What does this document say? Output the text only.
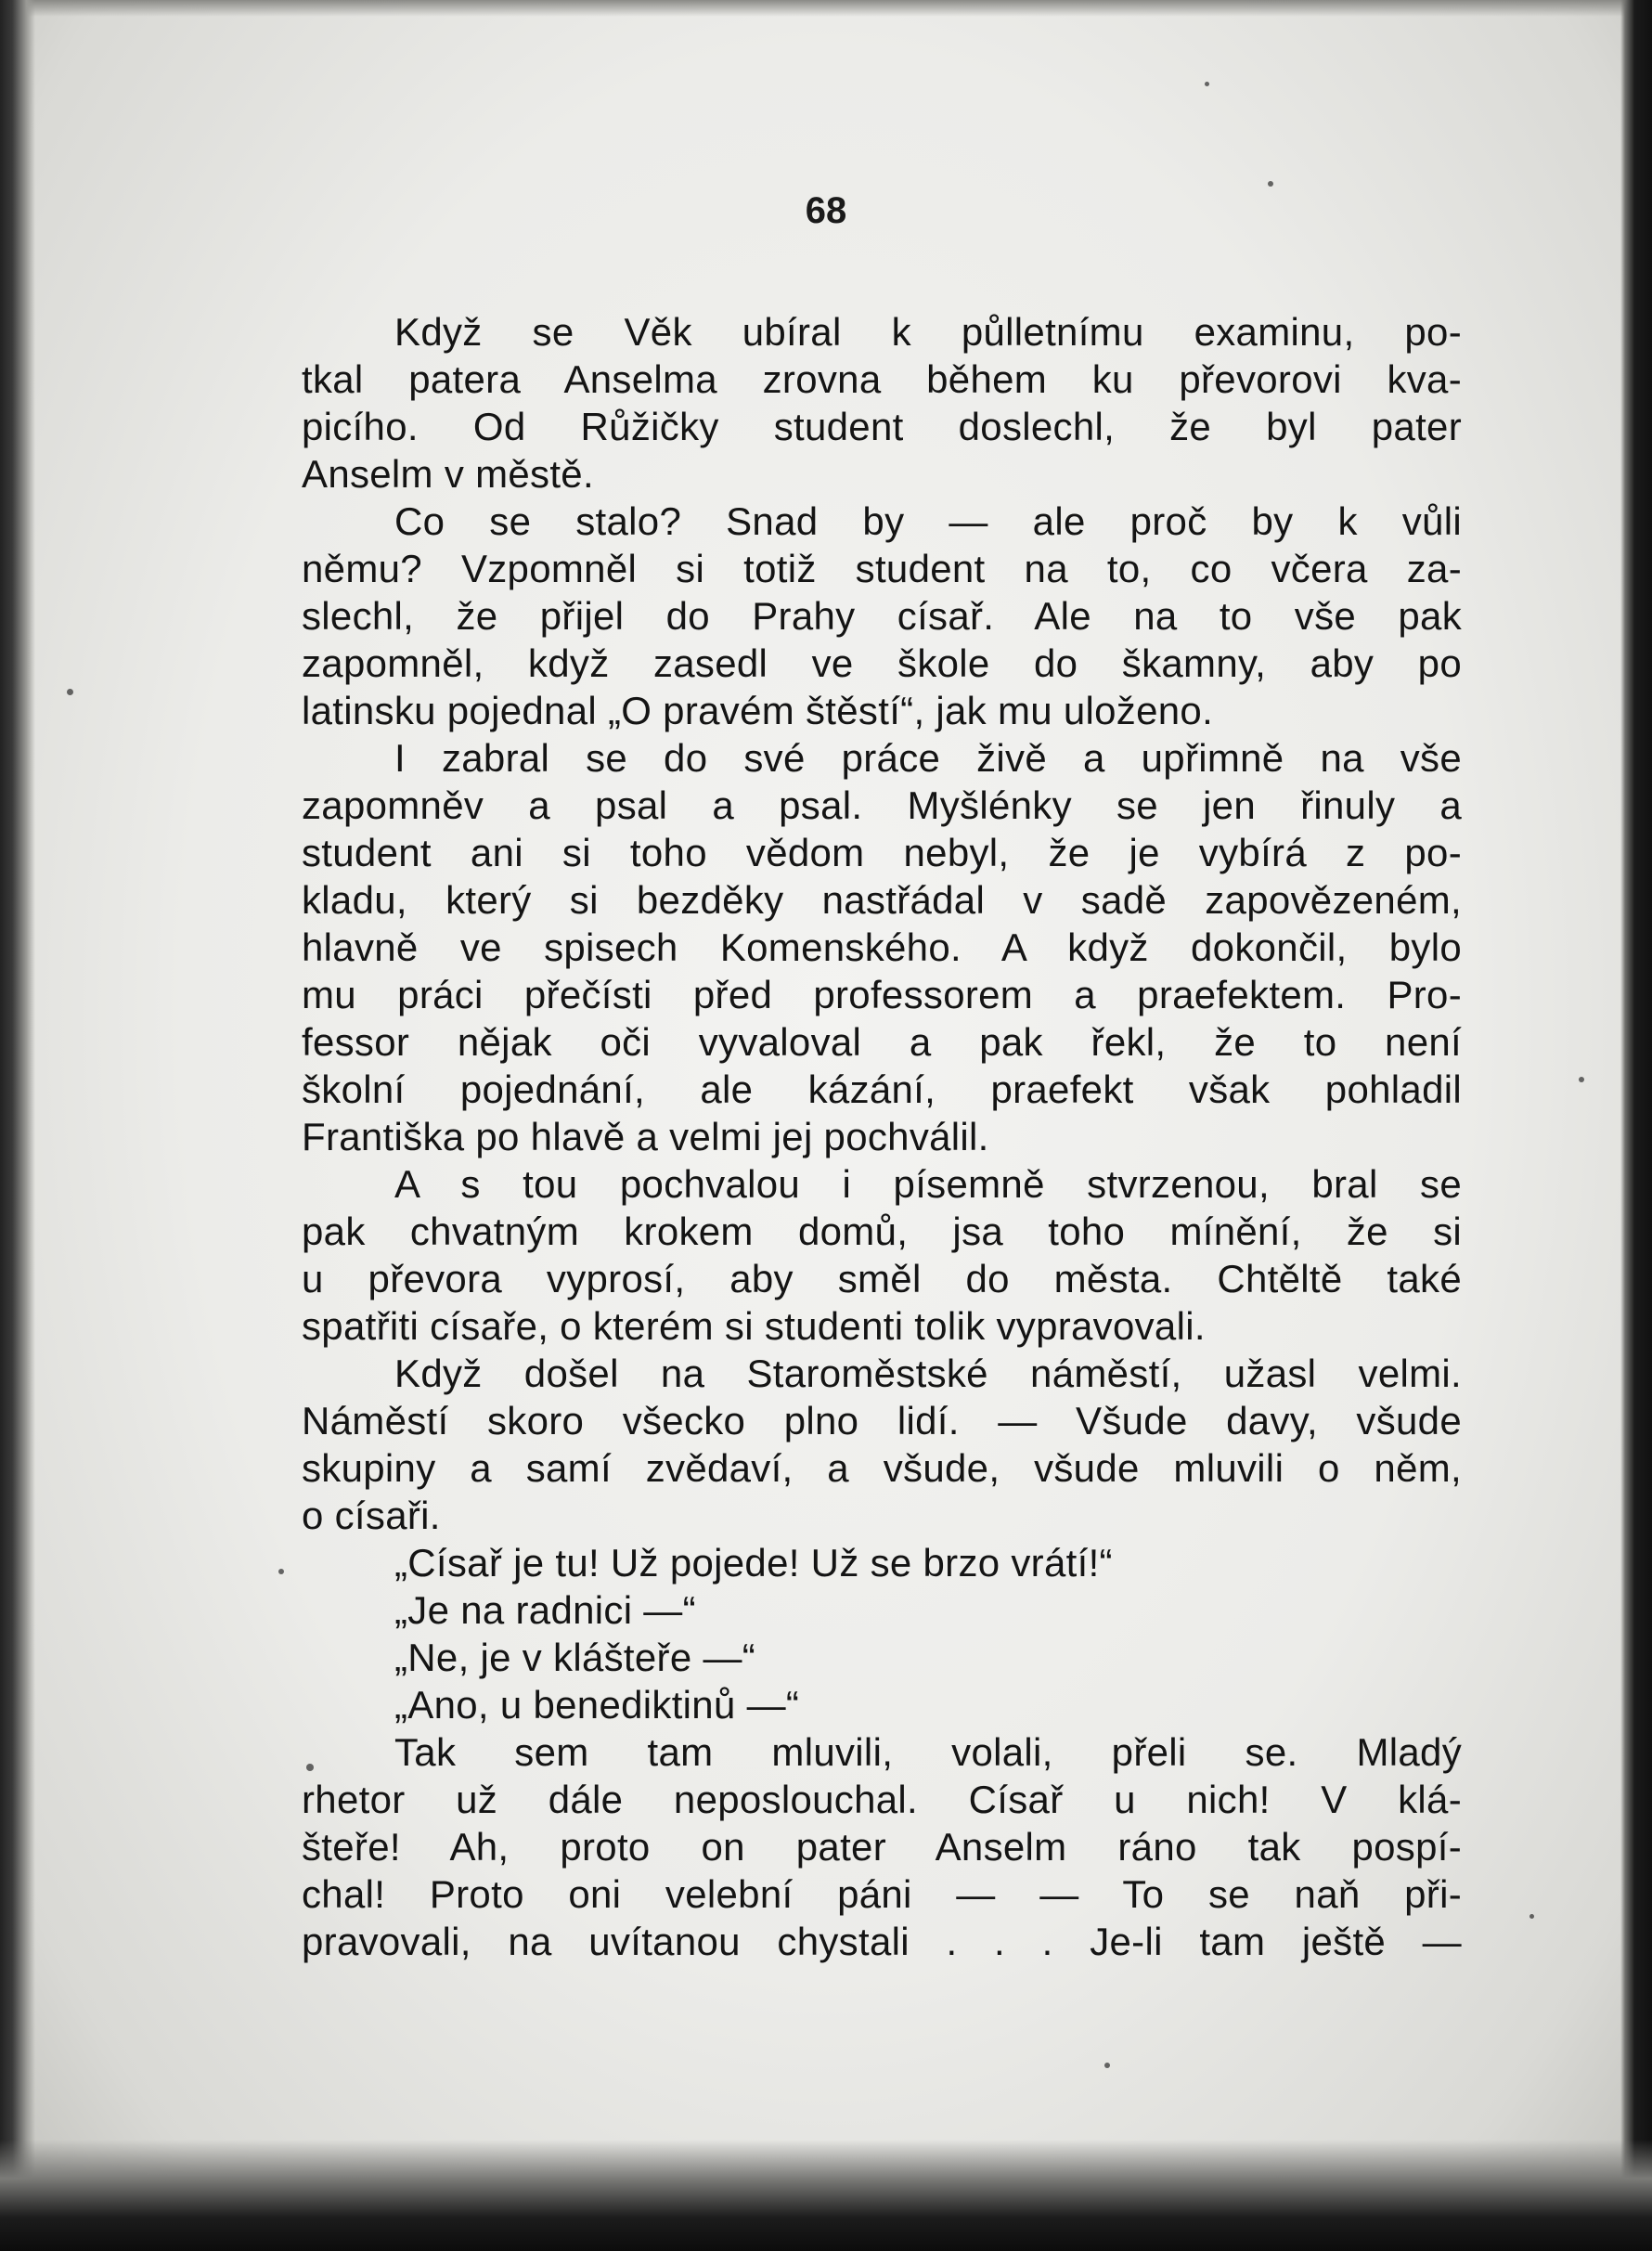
68
Když se Věk ubíral k půlletnímu examinu, po-
tkal patera Anselma zrovna během ku převorovi kva-
picího. Od Růžičky student doslechl, že byl pater
Anselm v městě.
Co se stalo? Snad by — ale proč by k vůli
němu? Vzpomněl si totiž student na to, co včera za-
slechl, že přijel do Prahy císař. Ale na to vše pak
zapomněl, když zasedl ve škole do škamny, aby po
latinsku pojednal „O pravém štěstí“, jak mu uloženo.
I zabral se do své práce živě a upřimně na vše
zapomněv a psal a psal. Myšlénky se jen řinuly a
student ani si toho vědom nebyl, že je vybírá z po-
kladu, který si bezděky nastřádal v sadě zapovězeném,
hlavně ve spisech Komenského. A když dokončil, bylo
mu práci přečísti před professorem a praefektem. Pro-
fessor nějak oči vyvaloval a pak řekl, že to není
školní pojednání, ale kázání, praefekt však pohladil
Františka po hlavě a velmi jej pochválil.
A s tou pochvalou i písemně stvrzenou, bral se
pak chvatným krokem domů, jsa toho mínění, že si
u převora vyprosí, aby směl do města. Chtěltě také
spatřiti císaře, o kterém si studenti tolik vypravovali.
Když došel na Staroměstské náměstí, užasl velmi.
Náměstí skoro všecko plno lidí. — Všude davy, všude
skupiny a samí zvědaví, a všude, všude mluvili o něm,
o císaři.
„Císař je tu! Už pojede! Už se brzo vrátí!“
„Je na radnici —“
„Ne, je v klášteře —“
„Ano, u benediktinů —“
Tak sem tam mluvili, volali, přeli se. Mladý
rhetor už dále neposlouchal. Císař u nich! V klá-
šteře! Ah, proto on pater Anselm ráno tak pospí-
chal! Proto oni velební páni — — To se naň při-
pravovali, na uvítanou chystali . . . Je-li tam ještě —
